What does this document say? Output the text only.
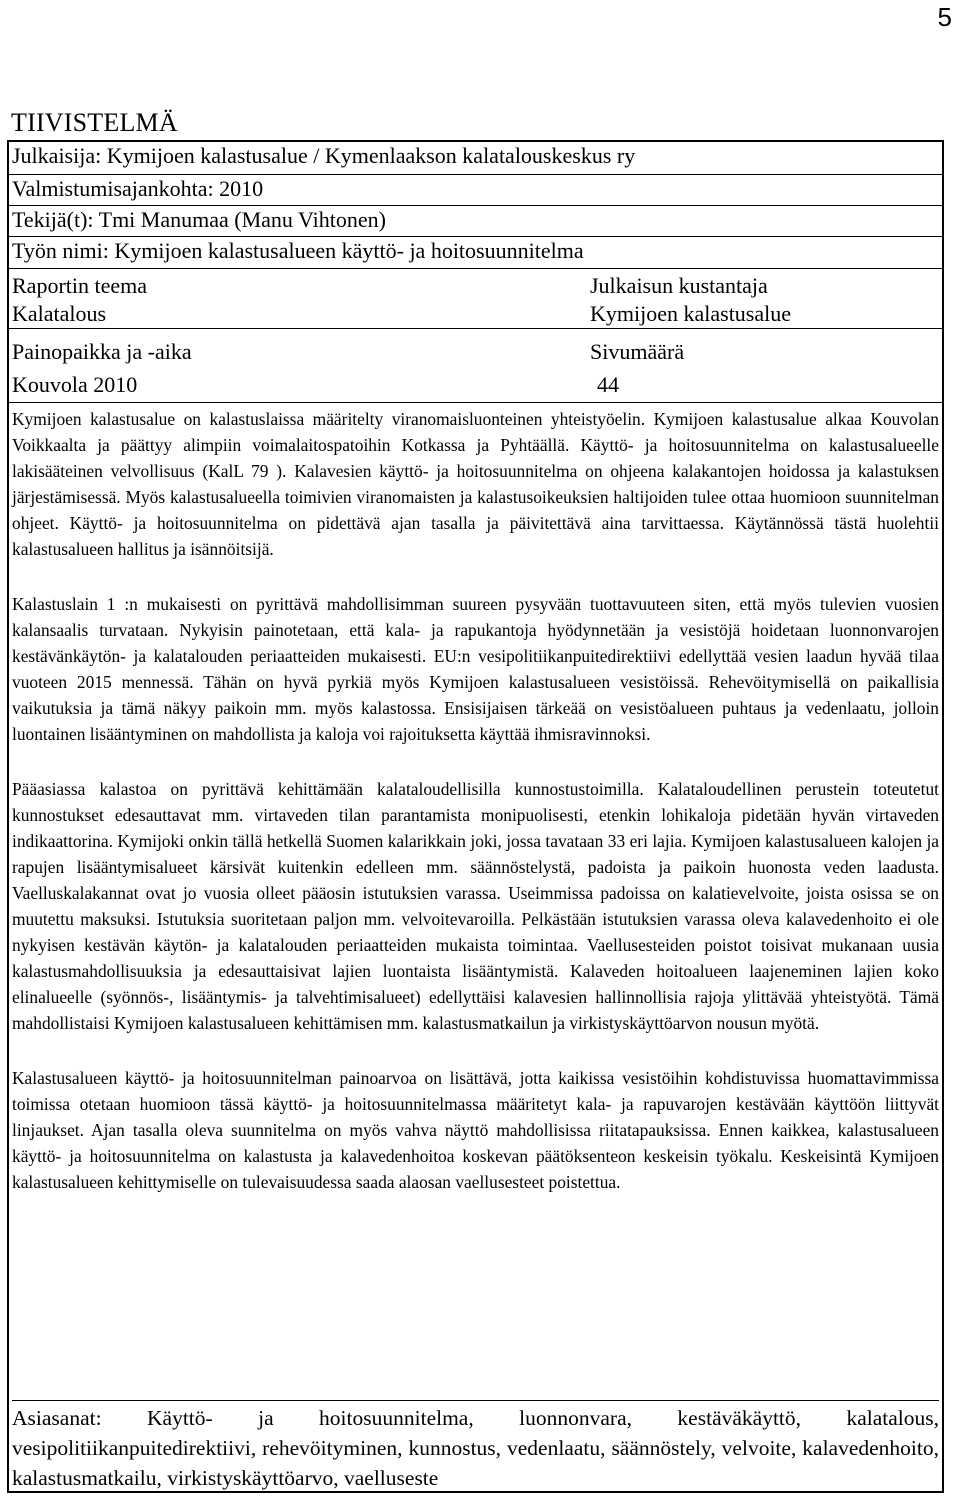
5
TIIVISTELMÄ
Julkaisija: Kymijoen kalastusalue / Kymenlaakson kalatalouskeskus ry
Valmistumisajankohta: 2010
Tekijä(t): Tmi Manumaa (Manu Vihtonen)
Työn nimi: Kymijoen kalastusalueen käyttö- ja hoitosuunnitelma
Raportin teema
Kalatalous
Julkaisun kustantaja
Kymijoen kalastusalue
Painopaikka ja -aika
Kouvola 2010
Sivumäärä
44

Kymijoen kalastusalue on kalastuslaissa määritelty viranomaisluonteinen yhteistyöelin. Kymijoen kalastusalue alkaa Kouvolan Voikkaalta ja päättyy alimpiin voimalaitospatoihin Kotkassa ja Pyhtäällä. Käyttö- ja hoitosuunnitelma on kalastusalueelle lakisääteinen velvollisuus (KalL 79 ). Kalavesien käyttö- ja hoitosuunnitelma on ohjeena kalakantojen hoidossa ja kalastuksen järjestämisessä. Myös kalastusalueella toimivien viranomaisten ja kalastusoikeuksien haltijoiden tulee ottaa huomioon suunnitelman ohjeet. Käyttö- ja hoitosuunnitelma on pidettävä ajan tasalla ja päivitettävä aina tarvittaessa. Käytännössä tästä huolehtii kalastusalueen hallitus ja isännöitsijä.

Kalastuslain 1 :n mukaisesti on pyrittävä mahdollisimman suureen pysyvään tuottavuuteen siten, että myös tulevien vuosien kalansaalis turvataan. Nykyisin painotetaan, että kala- ja rapukantoja hyödynnetään ja vesistöjä hoidetaan luonnonvarojen kestävänkäytön- ja kalatalouden periaatteiden mukaisesti. EU:n vesipolitiikanpuitedirektiivi edellyttää vesien laadun hyvää tilaa vuoteen 2015 mennessä. Tähän on hyvä pyrkiä myös Kymijoen kalastusalueen vesistöissä. Rehevöitymisellä on paikallisia vaikutuksia ja tämä näkyy paikoin mm. myös kalastossa. Ensisijaisen tärkeää on vesistöalueen puhtaus ja vedenlaatu, jolloin luontainen lisääntyminen on mahdollista ja kaloja voi rajoituksetta käyttää ihmisravinnoksi.

Pääasiassa kalastoa on pyrittävä kehittämään kalataloudellisilla kunnostustoimilla. Kalataloudellinen perustein toteutetut kunnostukset edesauttavat mm. virtaveden tilan parantamista monipuolisesti, etenkin lohikaloja pidetään hyvän virtaveden indikaattorina. Kymijoki onkin tällä hetkellä Suomen kalarikkain joki, jossa tavataan 33 eri lajia. Kymijoen kalastusalueen kalojen ja rapujen lisääntymisalueet kärsivät kuitenkin edelleen mm. säännöstelystä, padoista ja paikoin huonosta veden laadusta. Vaelluskalakannat ovat jo vuosia olleet pääosin istutuksien varassa. Useimmissa padoissa on kalatievelvoite, joista osissa se on muutettu maksuksi. Istutuksia suoritetaan paljon mm. velvoitevaroilla. Pelkästään istutuksien varassa oleva kalavedenhoito ei ole nykyisen kestävän käytön- ja kalatalouden periaatteiden mukaista toimintaa. Vaellusesteiden poistot toisivat mukanaan uusia kalastusmahdollisuuksia ja edesauttaisivat lajien luontaista lisääntymistä. Kalaveden hoitoalueen laajeneminen lajien koko elinalueelle (syönnös-, lisääntymis- ja talvehtimisalueet) edellyttäisi kalavesien hallinnollisia rajoja ylittävää yhteistyötä. Tämä mahdollistaisi Kymijoen kalastusalueen kehittämisen mm. kalastusmatkailun ja virkistyskäyttöarvon nousun myötä.

Kalastusalueen käyttö- ja hoitosuunnitelman painoarvoa on lisättävä, jotta kaikissa vesistöihin kohdistuvissa huomattavimmissa toimissa otetaan huomioon tässä käyttö- ja hoitosuunnitelmassa määritetyt kala- ja rapuvarojen kestävään käyttöön liittyvät linjaukset. Ajan tasalla oleva suunnitelma on myös vahva näyttö mahdollisissa riitatapauksissa. Ennen kaikkea, kalastusalueen käyttö- ja hoitosuunnitelma on kalastusta ja kalavedenhoitoa koskevan päätöksenteon keskeisin työkalu. Keskeisintä Kymijoen kalastusalueen kehittymiselle on tulevaisuudessa saada alaosan vaellusesteet poistettua.

Asiasanat: Käyttö- ja hoitosuunnitelma, luonnonvara, kestäväkäyttö, kalatalous, vesipolitiikanpuitedirektiivi, rehevöityminen, kunnostus, vedenlaatu, säännöstely, velvoite, kalavedenhoito, kalastusmatkailu, virkistyskäyttöarvo, vaelluseste
